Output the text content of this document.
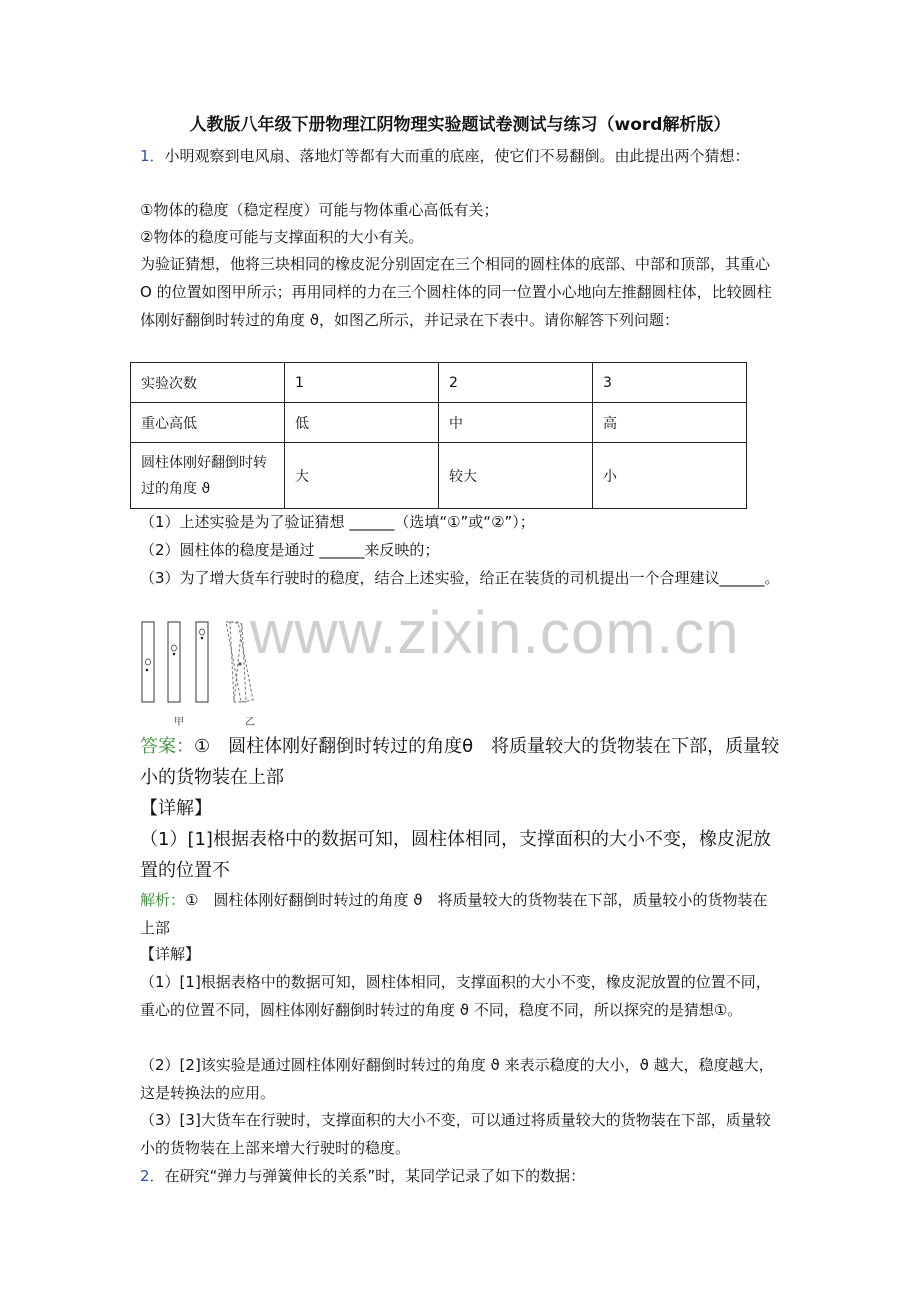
人教版八年级下册物理江阴物理实验题试卷测试与练习（word解析版）

1．小明观察到电风扇、落地灯等都有大而重的底座，使它们不易翻倒。由此提出两个猜想：

①物体的稳度（稳定程度）可能与物体重心高低有关；

②物体的稳度可能与支撑面积的大小有关。

为验证猜想，他将三块相同的橡皮泥分别固定在三个相同的圆柱体的底部、中部和顶部，其重心 O 的位置如图甲所示；再用同样的力在三个圆柱体的同一位置小心地向左推翻圆柱体，比较圆柱体刚好翻倒时转过的角度 ϑ，如图乙所示，并记录在下表中。请你解答下列问题：

实验次数	1	2	3
重心高低	低	中	高
圆柱体刚好翻倒时转过的角度 ϑ	大	较大	小

（1）上述实验是为了验证猜想 ______（选填“①”或“②”）；

（2）圆柱体的稳度是通过 ______来反映的；

（3）为了增大货车行驶时的稳度，结合上述实验，给正在装货的司机提出一个合理建议______。

www.zixin.com.cn
甲	乙

答案：①　圆柱体刚好翻倒时转过的角度θ　将质量较大的货物装在下部，质量较小的货物装在上部

【详解】

（1）[1]根据表格中的数据可知，圆柱体相同，支撑面积的大小不变，橡皮泥放置的位置不

解析：①　圆柱体刚好翻倒时转过的角度 ϑ　将质量较大的货物装在下部，质量较小的货物装在上部

【详解】

（1）[1]根据表格中的数据可知，圆柱体相同，支撑面积的大小不变，橡皮泥放置的位置不同，重心的位置不同，圆柱体刚好翻倒时转过的角度 ϑ 不同，稳度不同，所以探究的是猜想①。

（2）[2]该实验是通过圆柱体刚好翻倒时转过的角度 ϑ 来表示稳度的大小，ϑ 越大，稳度越大，这是转换法的应用。

（3）[3]大货车在行驶时，支撑面积的大小不变，可以通过将质量较大的货物装在下部，质量较小的货物装在上部来增大行驶时的稳度。

2．在研究“弹力与弹簧伸长的关系”时，某同学记录了如下的数据：
